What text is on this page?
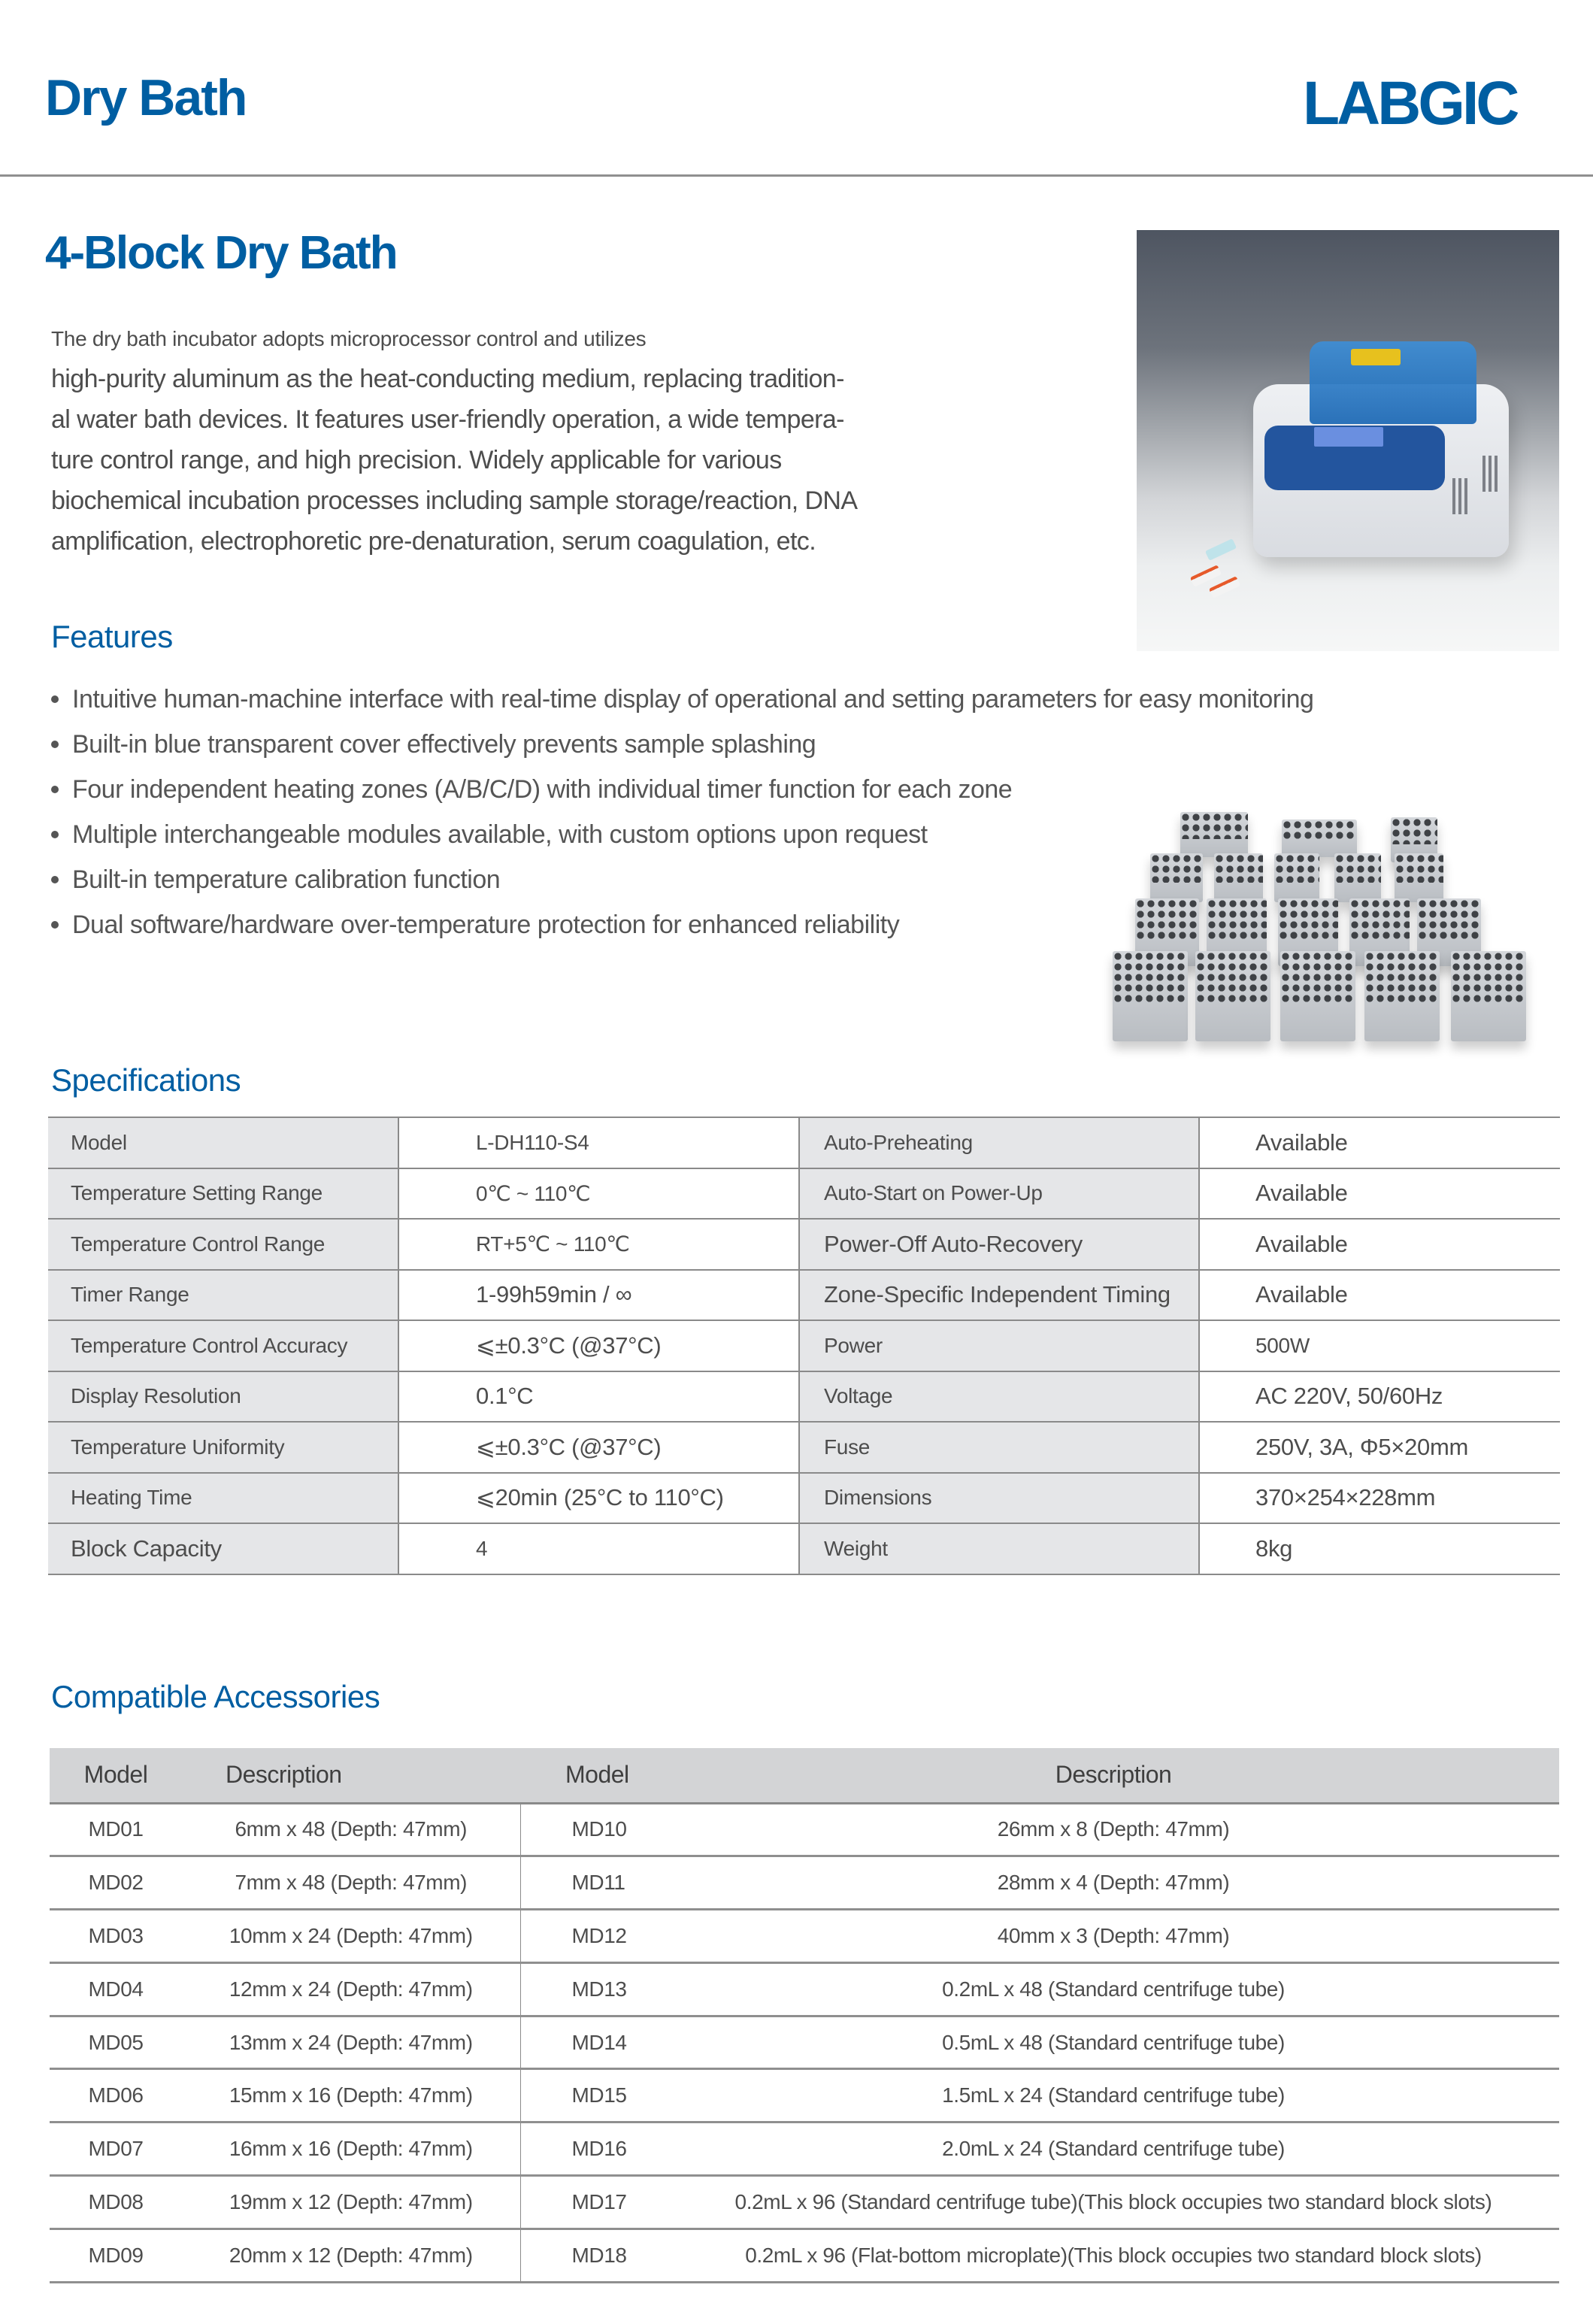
Dry Bath	LABGIC
4-Block Dry Bath
The dry bath incubator adopts microprocessor control and utilizes
high-purity aluminum as the heat-conducting medium, replacing tradition-
al water bath devices. It features user-friendly operation, a wide tempera-
ture control range, and high precision. Widely applicable for various
biochemical incubation processes including sample storage/reaction, DNA
amplification, electrophoretic pre-denaturation, serum coagulation, etc.
Features
Intuitive human-machine interface with real-time display of operational and setting parameters for easy monitoring
Built-in blue transparent cover effectively prevents sample splashing
Four independent heating zones (A/B/C/D) with individual timer function for each zone
Multiple interchangeable modules available, with custom options upon request
Built-in temperature calibration function
Dual software/hardware over-temperature protection for enhanced reliability
Specifications
Model	L-DH110-S4	Auto-Preheating	Available
Temperature Setting Range	0℃ ~ 110℃	Auto-Start on Power-Up	Available
Temperature Control Range	RT+5℃ ~ 110℃	Power-Off Auto-Recovery	Available
Timer Range	1-99h59min / ∞	Zone-Specific Independent Timing	Available
Temperature Control Accuracy	⩽±0.3°C (@37°C)	Power	500W
Display Resolution	0.1°C	Voltage	AC 220V, 50/60Hz
Temperature Uniformity	⩽±0.3°C (@37°C)	Fuse	250V, 3A, Φ5×20mm
Heating Time	⩽20min (25°C to 110°C)	Dimensions	370×254×228mm
Block Capacity	4	Weight	8kg
Compatible Accessories
Model	Description	Model	Description
MD01	6mm x 48 (Depth: 47mm)	MD10	26mm x 8 (Depth: 47mm)
MD02	7mm x 48 (Depth: 47mm)	MD11	28mm x 4 (Depth: 47mm)
MD03	10mm x 24 (Depth: 47mm)	MD12	40mm x 3 (Depth: 47mm)
MD04	12mm x 24 (Depth: 47mm)	MD13	0.2mL x 48 (Standard centrifuge tube)
MD05	13mm x 24 (Depth: 47mm)	MD14	0.5mL x 48 (Standard centrifuge tube)
MD06	15mm x 16 (Depth: 47mm)	MD15	1.5mL x 24 (Standard centrifuge tube)
MD07	16mm x 16 (Depth: 47mm)	MD16	2.0mL x 24 (Standard centrifuge tube)
MD08	19mm x 12 (Depth: 47mm)	MD17	0.2mL x 96 (Standard centrifuge tube)(This block occupies two standard block slots)
MD09	20mm x 12 (Depth: 47mm)	MD18	0.2mL x 96 (Flat-bottom microplate)(This block occupies two standard block slots)
